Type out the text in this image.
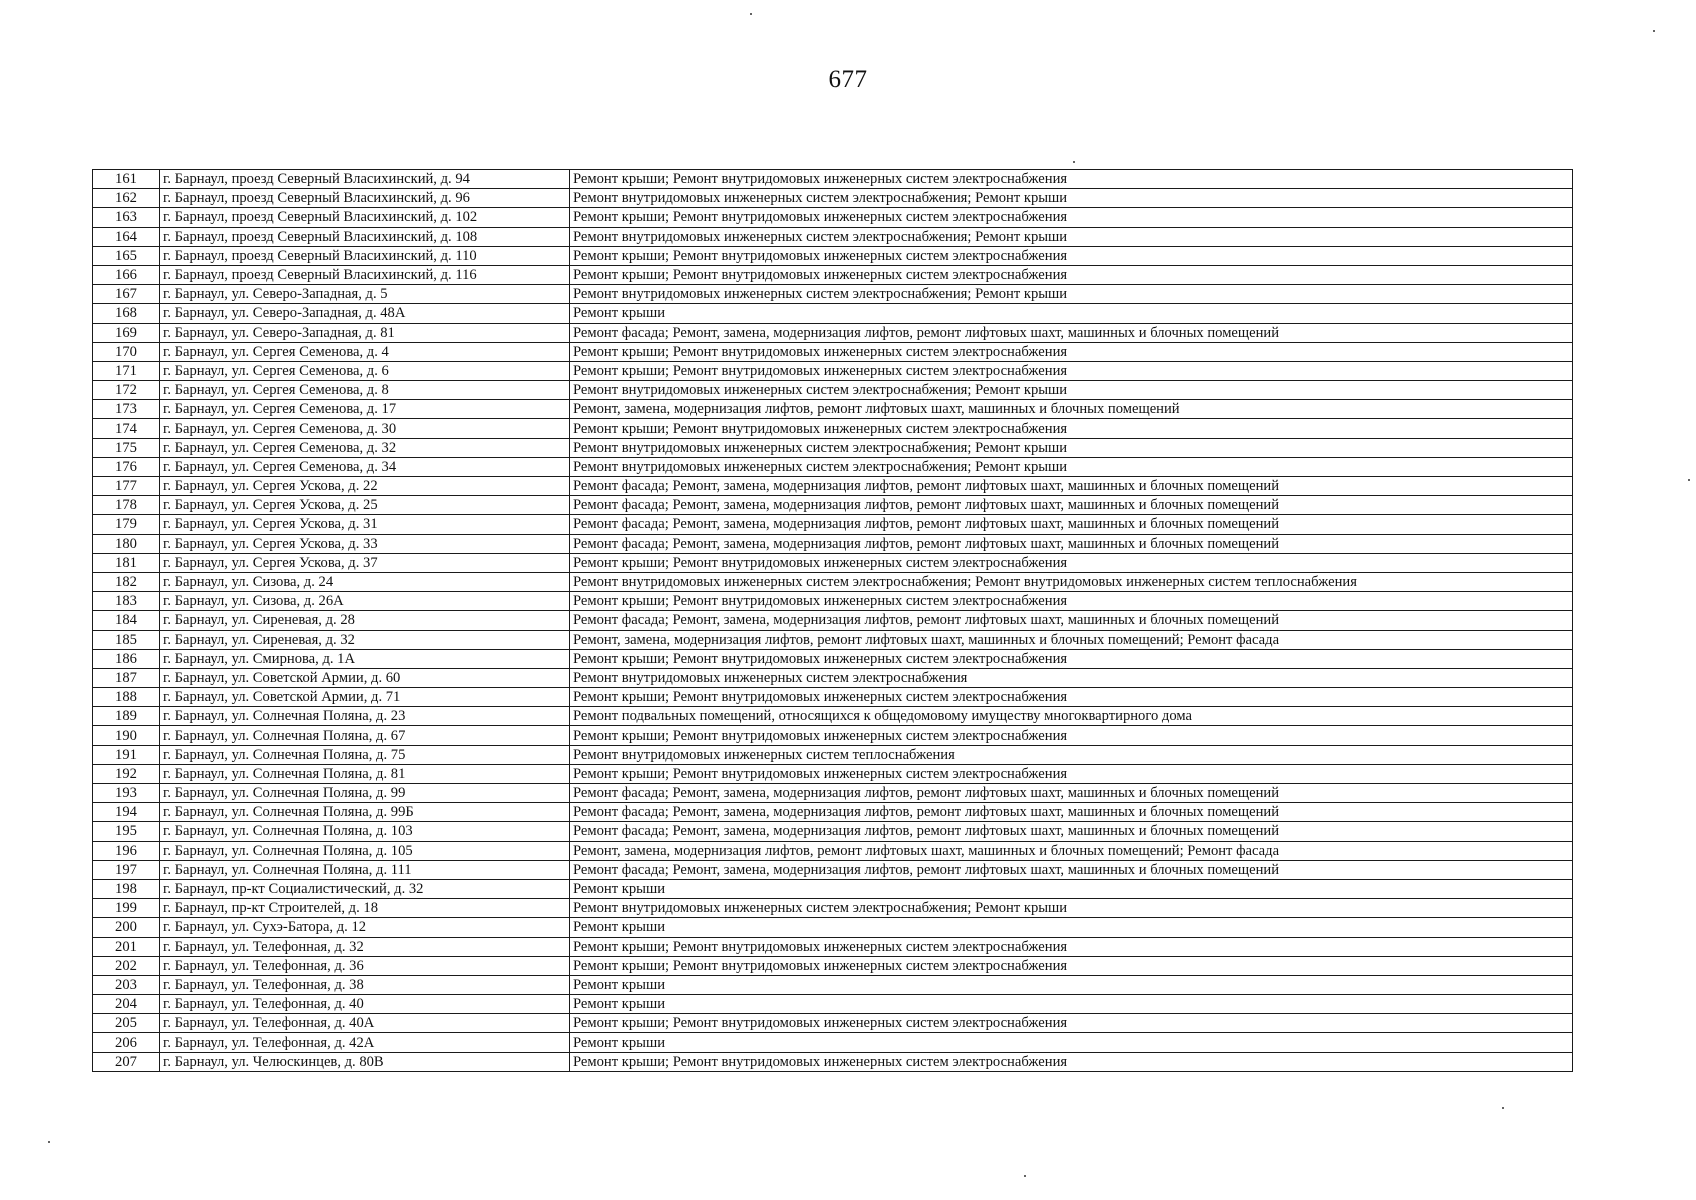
677
161	г. Барнаул, проезд Северный Власихинский, д. 94	Ремонт крыши; Ремонт внутридомовых инженерных систем электроснабжения
162	г. Барнаул, проезд Северный Власихинский, д. 96	Ремонт внутридомовых инженерных систем электроснабжения; Ремонт крыши
163	г. Барнаул, проезд Северный Власихинский, д. 102	Ремонт крыши; Ремонт внутридомовых инженерных систем электроснабжения
164	г. Барнаул, проезд Северный Власихинский, д. 108	Ремонт внутридомовых инженерных систем электроснабжения; Ремонт крыши
165	г. Барнаул, проезд Северный Власихинский, д. 110	Ремонт крыши; Ремонт внутридомовых инженерных систем электроснабжения
166	г. Барнаул, проезд Северный Власихинский, д. 116	Ремонт крыши; Ремонт внутридомовых инженерных систем электроснабжения
167	г. Барнаул, ул. Северо-Западная, д. 5	Ремонт внутридомовых инженерных систем электроснабжения; Ремонт крыши
168	г. Барнаул, ул. Северо-Западная, д. 48А	Ремонт крыши
169	г. Барнаул, ул. Северо-Западная, д. 81	Ремонт фасада; Ремонт, замена, модернизация лифтов, ремонт лифтовых шахт, машинных и блочных помещений
170	г. Барнаул, ул. Сергея Семенова, д. 4	Ремонт крыши; Ремонт внутридомовых инженерных систем электроснабжения
171	г. Барнаул, ул. Сергея Семенова, д. 6	Ремонт крыши; Ремонт внутридомовых инженерных систем электроснабжения
172	г. Барнаул, ул. Сергея Семенова, д. 8	Ремонт внутридомовых инженерных систем электроснабжения; Ремонт крыши
173	г. Барнаул, ул. Сергея Семенова, д. 17	Ремонт, замена, модернизация лифтов, ремонт лифтовых шахт, машинных и блочных помещений
174	г. Барнаул, ул. Сергея Семенова, д. 30	Ремонт крыши; Ремонт внутридомовых инженерных систем электроснабжения
175	г. Барнаул, ул. Сергея Семенова, д. 32	Ремонт внутридомовых инженерных систем электроснабжения; Ремонт крыши
176	г. Барнаул, ул. Сергея Семенова, д. 34	Ремонт внутридомовых инженерных систем электроснабжения; Ремонт крыши
177	г. Барнаул, ул. Сергея Ускова, д. 22	Ремонт фасада; Ремонт, замена, модернизация лифтов, ремонт лифтовых шахт, машинных и блочных помещений
178	г. Барнаул, ул. Сергея Ускова, д. 25	Ремонт фасада; Ремонт, замена, модернизация лифтов, ремонт лифтовых шахт, машинных и блочных помещений
179	г. Барнаул, ул. Сергея Ускова, д. 31	Ремонт фасада; Ремонт, замена, модернизация лифтов, ремонт лифтовых шахт, машинных и блочных помещений
180	г. Барнаул, ул. Сергея Ускова, д. 33	Ремонт фасада; Ремонт, замена, модернизация лифтов, ремонт лифтовых шахт, машинных и блочных помещений
181	г. Барнаул, ул. Сергея Ускова, д. 37	Ремонт крыши; Ремонт внутридомовых инженерных систем электроснабжения
182	г. Барнаул, ул. Сизова, д. 24	Ремонт внутридомовых инженерных систем электроснабжения; Ремонт внутридомовых инженерных систем теплоснабжения
183	г. Барнаул, ул. Сизова, д. 26А	Ремонт крыши; Ремонт внутридомовых инженерных систем электроснабжения
184	г. Барнаул, ул. Сиреневая, д. 28	Ремонт фасада; Ремонт, замена, модернизация лифтов, ремонт лифтовых шахт, машинных и блочных помещений
185	г. Барнаул, ул. Сиреневая, д. 32	Ремонт, замена, модернизация лифтов, ремонт лифтовых шахт, машинных и блочных помещений; Ремонт фасада
186	г. Барнаул, ул. Смирнова, д. 1А	Ремонт крыши; Ремонт внутридомовых инженерных систем электроснабжения
187	г. Барнаул, ул. Советской Армии, д. 60	Ремонт внутридомовых инженерных систем электроснабжения
188	г. Барнаул, ул. Советской Армии, д. 71	Ремонт крыши; Ремонт внутридомовых инженерных систем электроснабжения
189	г. Барнаул, ул. Солнечная Поляна, д. 23	Ремонт подвальных помещений, относящихся к общедомовому имуществу многоквартирного дома
190	г. Барнаул, ул. Солнечная Поляна, д. 67	Ремонт крыши; Ремонт внутридомовых инженерных систем электроснабжения
191	г. Барнаул, ул. Солнечная Поляна, д. 75	Ремонт внутридомовых инженерных систем теплоснабжения
192	г. Барнаул, ул. Солнечная Поляна, д. 81	Ремонт крыши; Ремонт внутридомовых инженерных систем электроснабжения
193	г. Барнаул, ул. Солнечная Поляна, д. 99	Ремонт фасада; Ремонт, замена, модернизация лифтов, ремонт лифтовых шахт, машинных и блочных помещений
194	г. Барнаул, ул. Солнечная Поляна, д. 99Б	Ремонт фасада; Ремонт, замена, модернизация лифтов, ремонт лифтовых шахт, машинных и блочных помещений
195	г. Барнаул, ул. Солнечная Поляна, д. 103	Ремонт фасада; Ремонт, замена, модернизация лифтов, ремонт лифтовых шахт, машинных и блочных помещений
196	г. Барнаул, ул. Солнечная Поляна, д. 105	Ремонт, замена, модернизация лифтов, ремонт лифтовых шахт, машинных и блочных помещений; Ремонт фасада
197	г. Барнаул, ул. Солнечная Поляна, д. 111	Ремонт фасада; Ремонт, замена, модернизация лифтов, ремонт лифтовых шахт, машинных и блочных помещений
198	г. Барнаул, пр-кт Социалистический, д. 32	Ремонт крыши
199	г. Барнаул, пр-кт Строителей, д. 18	Ремонт внутридомовых инженерных систем электроснабжения; Ремонт крыши
200	г. Барнаул, ул. Сухэ-Батора, д. 12	Ремонт крыши
201	г. Барнаул, ул. Телефонная, д. 32	Ремонт крыши; Ремонт внутридомовых инженерных систем электроснабжения
202	г. Барнаул, ул. Телефонная, д. 36	Ремонт крыши; Ремонт внутридомовых инженерных систем электроснабжения
203	г. Барнаул, ул. Телефонная, д. 38	Ремонт крыши
204	г. Барнаул, ул. Телефонная, д. 40	Ремонт крыши
205	г. Барнаул, ул. Телефонная, д. 40А	Ремонт крыши; Ремонт внутридомовых инженерных систем электроснабжения
206	г. Барнаул, ул. Телефонная, д. 42А	Ремонт крыши
207	г. Барнаул, ул. Челюскинцев, д. 80В	Ремонт крыши; Ремонт внутридомовых инженерных систем электроснабжения
